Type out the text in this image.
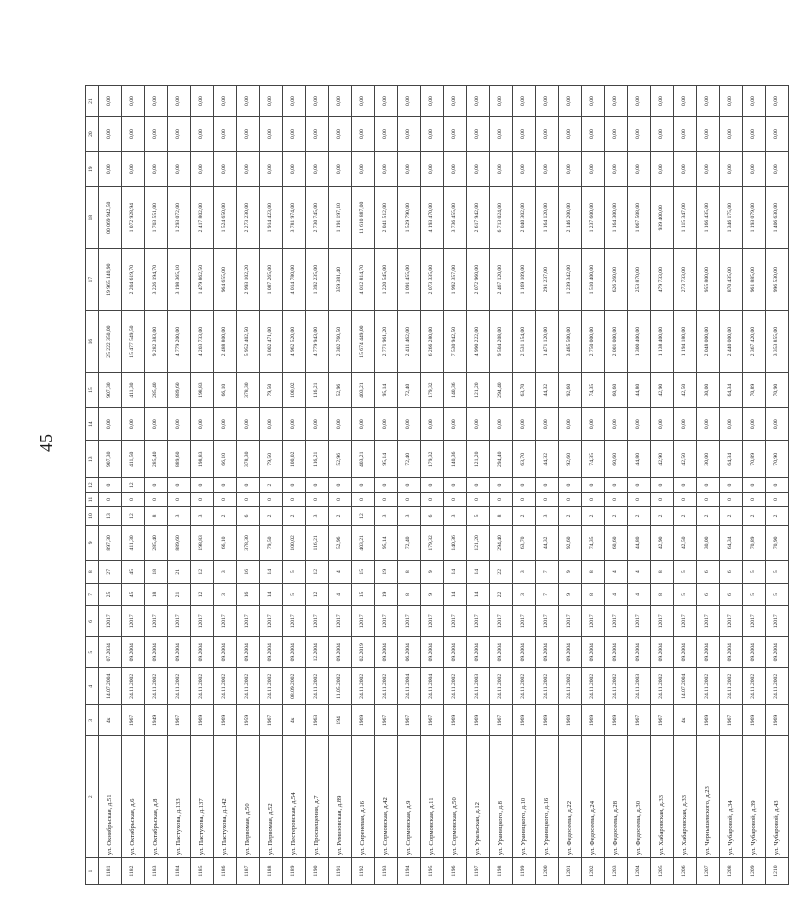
45
1	2	3	4	5	6	7	8	9	10	11	12	13	14	15	16	17	18	19	20	21
1181	ул. Окнябрьская, д.51	4к	14.07.2004	07.2034	12017	25	27	897,30	13	0	0	907,30	0,00	907,30	25 222 350,00	19 965 140,90	00 069 942,50	0,00	0,00	0,00
1182	ул. Октябрьская, д.6	1967	24.11.2002	09.2004	12017	45	45	411,30	12	0	12	411,50	0,00	411,30	15 477 549,50	2 204 619,70	1 072 928,94	0,00	0,00	0,00
1183	ул. Октябрьская, д.8	1949	24.11.2002	09.2004	12017	18	18	285,40	8	0	0	285,40	0,00	285,40	9 282 383,00	3 226 194,70	1 703 551,00	0,00	0,00	0,00
1184	ул. Пастухова, д.133	1967	24.11.2002	09.2004	12017	21	21	889,60	3	0	0	889,60	0,00	889,60	4 779 200,00	3 198 365,10	1 293 072,00	0,00	0,00	0,00
1185	ул. Пастухова, д.137	1969	24.11.2002	09.2004	12017	12	12	198,83	3	0	0	198,83	0,00	198,83	4 203 733,00	1 479 862,50	2 417 802,00	0,00	0,00	0,00
1186	ул. Пастухова, д.142	1969	24.11.2002	09.2004	12017	3	3	66,10	2	0	0	66,10	0,00	66,10	2 488 800,00	964 655,00	1 524 650,00	0,00	0,00	0,00
1187	ул. Первомая, д.50	1959	24.11.2002	09.2004	12017	16	16	378,30	6	0	0	378,30	0,00	378,30	5 952 402,50	2 993 102,20	2 273 230,00	0,00	0,00	0,00
1188	ул. Первомая, д.52	1967	24.11.2002	09.2004	12017	14	14	79,50	2	0	2	79,50	0,00	79,50	3 002 471,00	1 087 265,00	1 914 423,00	0,00	0,00	0,00
1189	ул. Пестеровская, д.54	4к	08.09.2002	09.2004	12017	5	5	100,02	2	0	0	100,02	0,00	100,02	4 962 520,00	4 014 780,00	3 781 974,00	0,00	0,00	0,00
1190	ул. Просвещения, д.7	1963	24.11.2002	12.2004	12017	12	12	116,21	3	0	0	116,21	0,00	116,21	4 779 943,00	1 392 235,00	2 730 745,00	0,00	0,00	0,00
1191	ул. Ремизовская, д.89	194	11.05.2002	09.2004	12017	4	4	52,96	2	0	0	52,96	0,00	52,96	2 302 760,50	359 381,40	1 191 197,10	0,00	0,00	0,00
1192	ул. Сиреневая, д.16	1969	24.11.2002	02.2019	12017	15	15	403,21	12	0	0	403,21	0,00	403,21	15 674 449,00	4 012 814,70	11 610 887,00	0,00	0,00	0,00
1193	ул. Сормовская, д.42	1967	24.11.2002	09.2004	12017	19	19	95,14	3	0	0	95,14	0,00	95,14	2 771 961,20	1 220 545,00	2 041 512,00	0,00	0,00	0,00
1194	ул. Сормовская, д.9	1967	24.11.2004	06.2004	12017	8	8	72,40	3	0	0	72,40	0,00	72,40	2 411 462,00	1 091 455,00	1 529 790,00	0,00	0,00	0,00
1195	ул. Сормовская, д.11	1967	24.11.2004	09.2004	12017	9	9	179,32	6	0	0	179,32	0,00	179,32	6 266 280,00	2 073 335,00	4 193 470,00	0,00	0,00	0,00
1196	ул. Сормовская, д.50	1969	24.11.2002	09.2004	12017	14	14	140,36	3	0	0	140,36	0,00	140,36	7 530 942,50	1 992 357,00	3 736 455,00	0,00	0,00	0,00
1197	ул. Уральская, д.12	1969	24.11.2003	09.2004	12017	14	14	121,20	5	0	0	121,20	0,00	121,20	4 990 222,00	2 072 960,00	2 617 942,00	0,00	0,00	0,00
1198	ул. Ураницкого, д.8	1967	24.11.2002	09.2004	12017	22	22	294,40	8	0	0	294,40	0,00	294,40	9 504 208,00	2 467 120,00	6 713 024,00	0,00	0,00	0,00
1199	ул. Ураницкого, д.10	1969	24.11.2002	09.2004	12017	3	3	63,70	2	0	0	63,70	0,00	63,70	2 531 154,00	1 169 109,00	2 040 302,00	0,00	0,00	0,00
1200	ул. Ураницкого, д.16	1969	24.11.2002	09.2004	12017	7	7	44,32	3	0	0	44,32	0,00	44,32	1 471 120,00	291 237,00	1 164 120,00	0,00	0,00	0,00
1201	ул. Федосеева, д.22	1969	24.11.2002	09.2004	12017	9	9	92,60	2	0	0	92,60	0,00	92,60	3 485 500,00	1 239 342,00	2 146 200,00	0,00	0,00	0,00
1202	ул. Федосеева, д.24	1969	24.11.2002	09.2004	12017	8	8	74,35	2	0	0	74,35	0,00	74,35	2 750 000,00	1 510 400,00	1 237 600,00	0,00	0,00	0,00
1203	ул. Федосеева, д.28	1969	24.11.2002	09.2004	12017	4	4	60,60	2	0	0	60,60	0,00	60,60	2 001 000,00	626 260,00	1 164 300,00	0,00	0,00	0,00
1204	ул. Федосеева, д.30	1967	24.11.2003	09.2004	12017	4	4	44,80	2	0	0	44,80	0,00	44,80	1 300 400,00	253 870,00	1 067 508,00	0,00	0,00	0,00
1205	ул. Хабаровская, д.33	1967	24.11.2002	09.2004	12017	8	8	42,90	2	0	0	42,90	0,00	42,90	1 138 400,00	479 733,00	939 400,00	0,00	0,00	0,00
1206	ул. Хабаровская, д.33	4к	14.07.2004	09.2004	12017	5	5	42,50	2	0	0	42,50	0,00	42,50	1 194 180,00	273 733,00	1 115 347,00	0,00	0,00	0,00
1207	ул. Чернышевского, д.23	1969	24.11.2002	09.2004	12017	6	6	30,00	2	0	0	30,00	0,00	30,00	2 048 000,00	955 800,00	1 166 435,00	0,00	0,00	0,00
1208	ул. Чубаровой, д.34	1967	24.11.2002	09.2004	12017	6	6	64,34	2	0	0	64,34	0,00	64,34	2 440 000,00	870 435,00	1 346 175,00	0,00	0,00	0,00
1209	ул. Чубаровой, д.39	1969	24.11.2002	09.2004	12017	5	5	70,89	2	0	0	70,89	0,00	70,89	2 367 420,00	961 885,00	1 193 079,00	0,00	0,00	0,00
1210	ул. Чубаровой, д.43	1969	24.11.2002	09.2004	12017	5	5	70,90	2	0	0	70,90	0,00	70,90	3 353 855,00	996 530,00	1 406 630,00	0,00	0,00	0,00
